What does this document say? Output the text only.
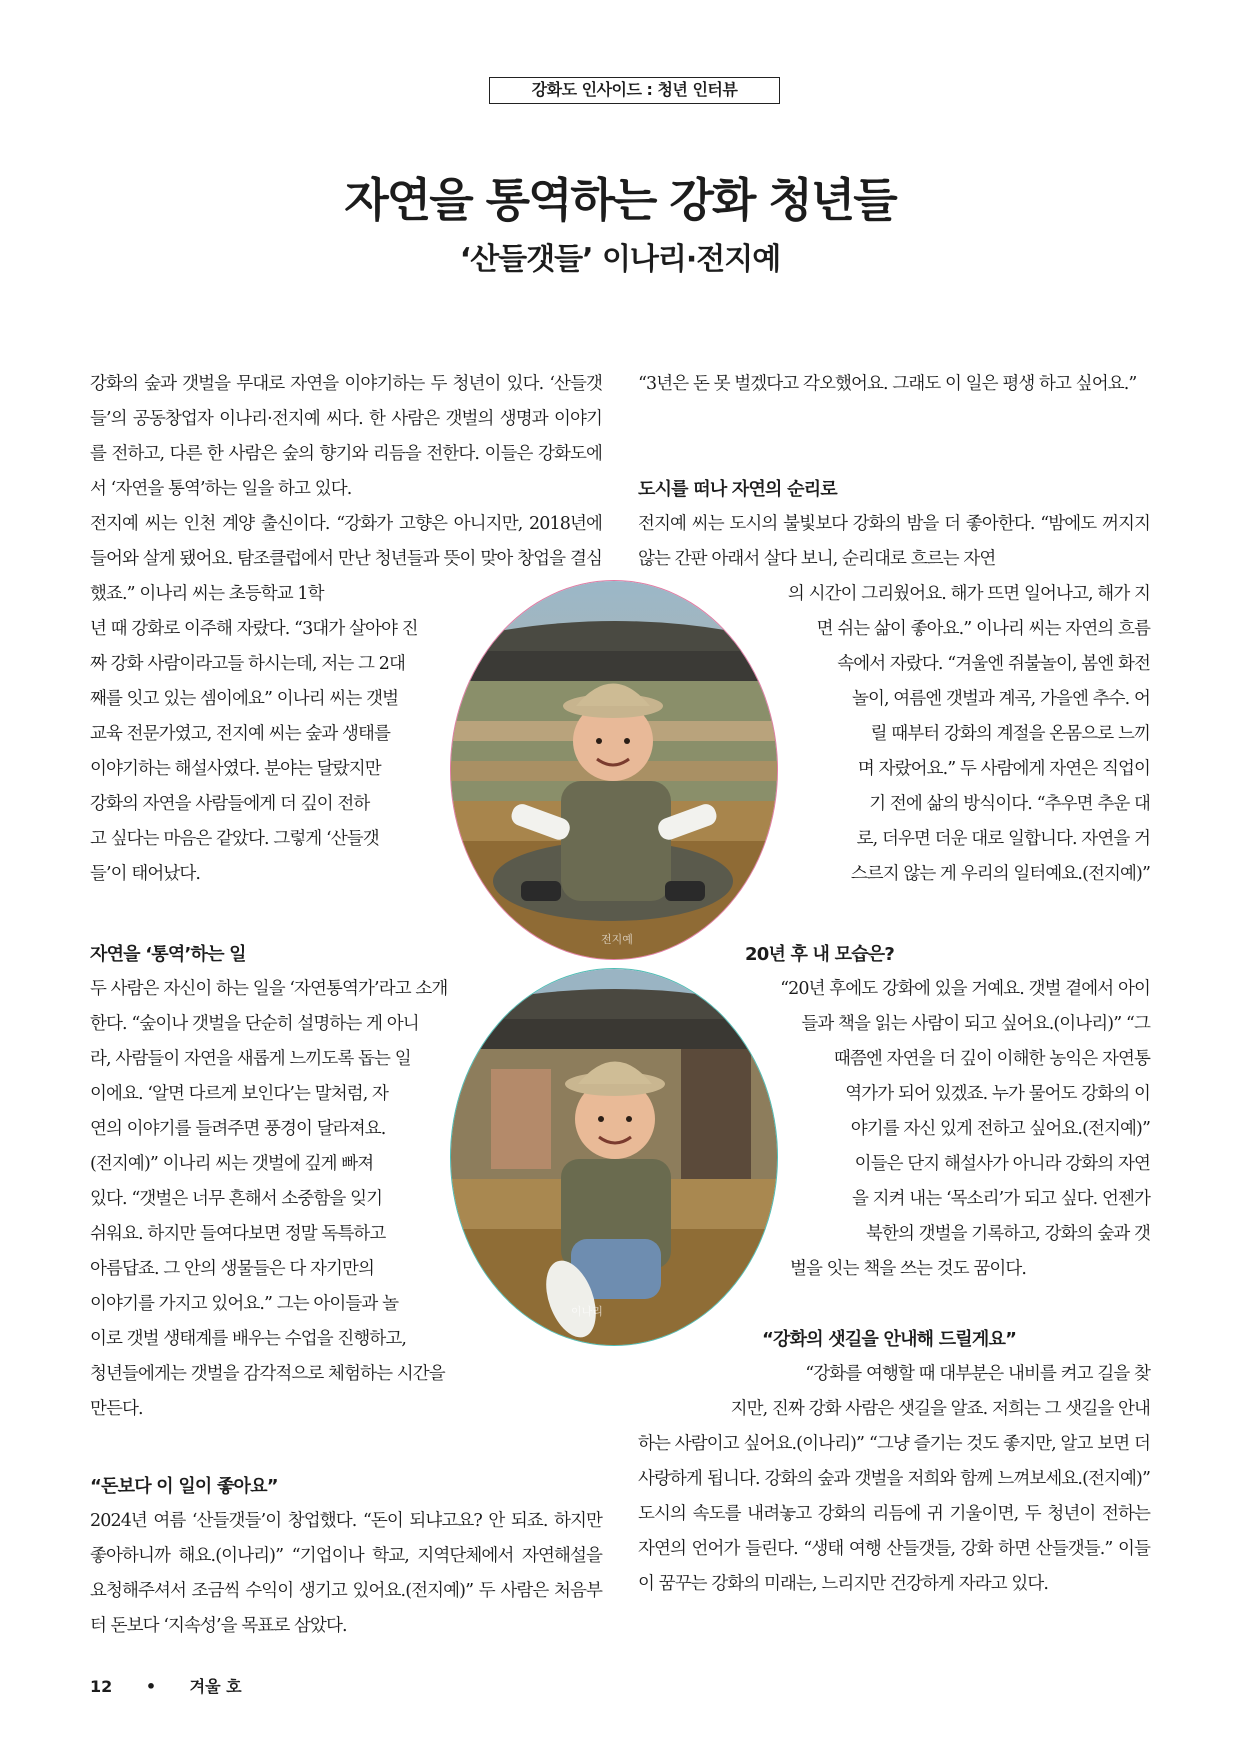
강화도 인사이드 : 청년 인터뷰
자연을 통역하는 강화 청년들
‘산들갯들’ 이나리·전지예

강화의 숲과 갯벌을 무대로 자연을 이야기하는 두 청년이 있다. ‘산들갯들’의 공동창업자 이나리·전지예 씨다. 한 사람은 갯벌의 생명과 이야기를 전하고, 다른 한 사람은 숲의 향기와 리듬을 전한다. 이들은 강화도에서 ‘자연을 통역’하는 일을 하고 있다.

전지예 씨는 인천 계양 출신이다. “강화가 고향은 아니지만, 2018년에 들어와 살게 됐어요. 탐조클럽에서 만난 청년들과 뜻이 맞아 창업을 결심했죠.” 이나리 씨는 초등학교 1학

년 때 강화로 이주해 자랐다. “3대가 살아야 진
짜 강화 사람이라고들 하시는데, 저는 그 2대
째를 잇고 있는 셈이에요” 이나리 씨는 갯벌
교육 전문가였고, 전지예 씨는 숲과 생태를
이야기하는 해설사였다. 분야는 달랐지만
강화의 자연을 사람들에게 더 깊이 전하
고 싶다는 마음은 같았다. 그렇게 ‘산들갯
들’이 태어났다.
자연을 ‘통역’하는 일
두 사람은 자신이 하는 일을 ‘자연통역가’라고 소개
한다. “숲이나 갯벌을 단순히 설명하는 게 아니
라, 사람들이 자연을 새롭게 느끼도록 돕는 일
이에요. ‘알면 다르게 보인다’는 말처럼, 자
연의 이야기를 들려주면 풍경이 달라져요.
(전지예)” 이나리 씨는 갯벌에 깊게 빠져
있다. “갯벌은 너무 흔해서 소중함을 잊기
쉬워요. 하지만 들여다보면 정말 독특하고
아름답죠. 그 안의 생물들은 다 자기만의
이야기를 가지고 있어요.” 그는 아이들과 놀
이로 갯벌 생태계를 배우는 수업을 진행하고,
청년들에게는 갯벌을 감각적으로 체험하는 시간을
만든다.
“돈보다 이 일이 좋아요”

2024년 여름 ‘산들갯들’이 창업했다. “돈이 되냐고요? 안 되죠. 하지만 좋아하니까 해요.(이나리)” “기업이나 학교, 지역단체에서 자연해설을 요청해주셔서 조금씩 수익이 생기고 있어요.(전지예)” 두 사람은 처음부터 돈보다 ‘지속성’을 목표로 삼았다.

“3년은 돈 못 벌겠다고 각오했어요. 그래도 이 일은 평생 하고 싶어요.”

도시를 떠나 자연의 순리로

전지예 씨는 도시의 불빛보다 강화의 밤을 더 좋아한다. “밤에도 꺼지지 않는 간판 아래서 살다 보니, 순리대로 흐르는 자연

의 시간이 그리웠어요. 해가 뜨면 일어나고, 해가 지
면 쉬는 삶이 좋아요.” 이나리 씨는 자연의 흐름
속에서 자랐다. “겨울엔 쥐불놀이, 봄엔 화전
놀이, 여름엔 갯벌과 계곡, 가을엔 추수. 어
릴 때부터 강화의 계절을 온몸으로 느끼
며 자랐어요.” 두 사람에게 자연은 직업이
기 전에 삶의 방식이다. “추우면 추운 대
로, 더우면 더운 대로 일합니다. 자연을 거
스르지 않는 게 우리의 일터예요.(전지예)”
20년 후 내 모습은?
“20년 후에도 강화에 있을 거예요. 갯벌 곁에서 아이
들과 책을 읽는 사람이 되고 싶어요.(이나리)” “그
때쯤엔 자연을 더 깊이 이해한 농익은 자연통
역가가 되어 있겠죠. 누가 물어도 강화의 이
야기를 자신 있게 전하고 싶어요.(전지예)”
이들은 단지 해설사가 아니라 강화의 자연
을 지켜 내는 ‘목소리’가 되고 싶다. 언젠가
북한의 갯벌을 기록하고, 강화의 숲과 갯
벌을 잇는 책을 쓰는 것도 꿈이다.
“강화의 샛길을 안내해 드릴게요”
“강화를 여행할 때 대부분은 내비를 켜고 길을 찾
지만, 진짜 강화 사람은 샛길을 알죠. 저희는 그 샛길을 안내

하는 사람이고 싶어요.(이나리)” “그냥 즐기는 것도 좋지만, 알고 보면 더 사랑하게 됩니다. 강화의 숲과 갯벌을 저희와 함께 느껴보세요.(전지예)” 도시의 속도를 내려놓고 강화의 리듬에 귀 기울이면, 두 청년이 전하는 자연의 언어가 들린다. “생태 여행 산들갯들, 강화 하면 산들갯들.” 이들이 꿈꾸는 강화의 미래는, 느리지만 건강하게 자라고 있다.

전지예
이나리
12 • 겨울 호
